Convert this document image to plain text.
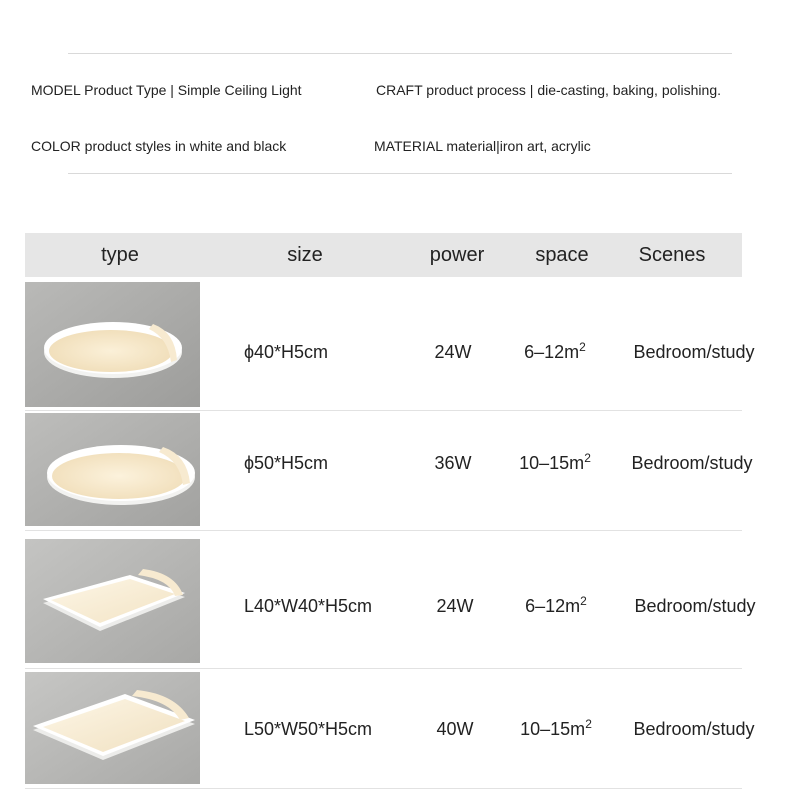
MODEL Product Type | Simple Ceiling Light	CRAFT product process | die-casting, baking, polishing.
COLOR product styles in white and black	MATERIAL material|iron art, acrylic
type	size	power	space Scenes
ϕ40*H5cm	24W	$6-12m^2$	Bedroom/study
ϕ50*H5cm	36W	$10-15m^2$ Bedroom/study
L40*W40*H5cm	24W	$6-12m^2$	Bedroom/study
L50*W50*H5cm	40W	$10-15m^2$ Bedroom/study
